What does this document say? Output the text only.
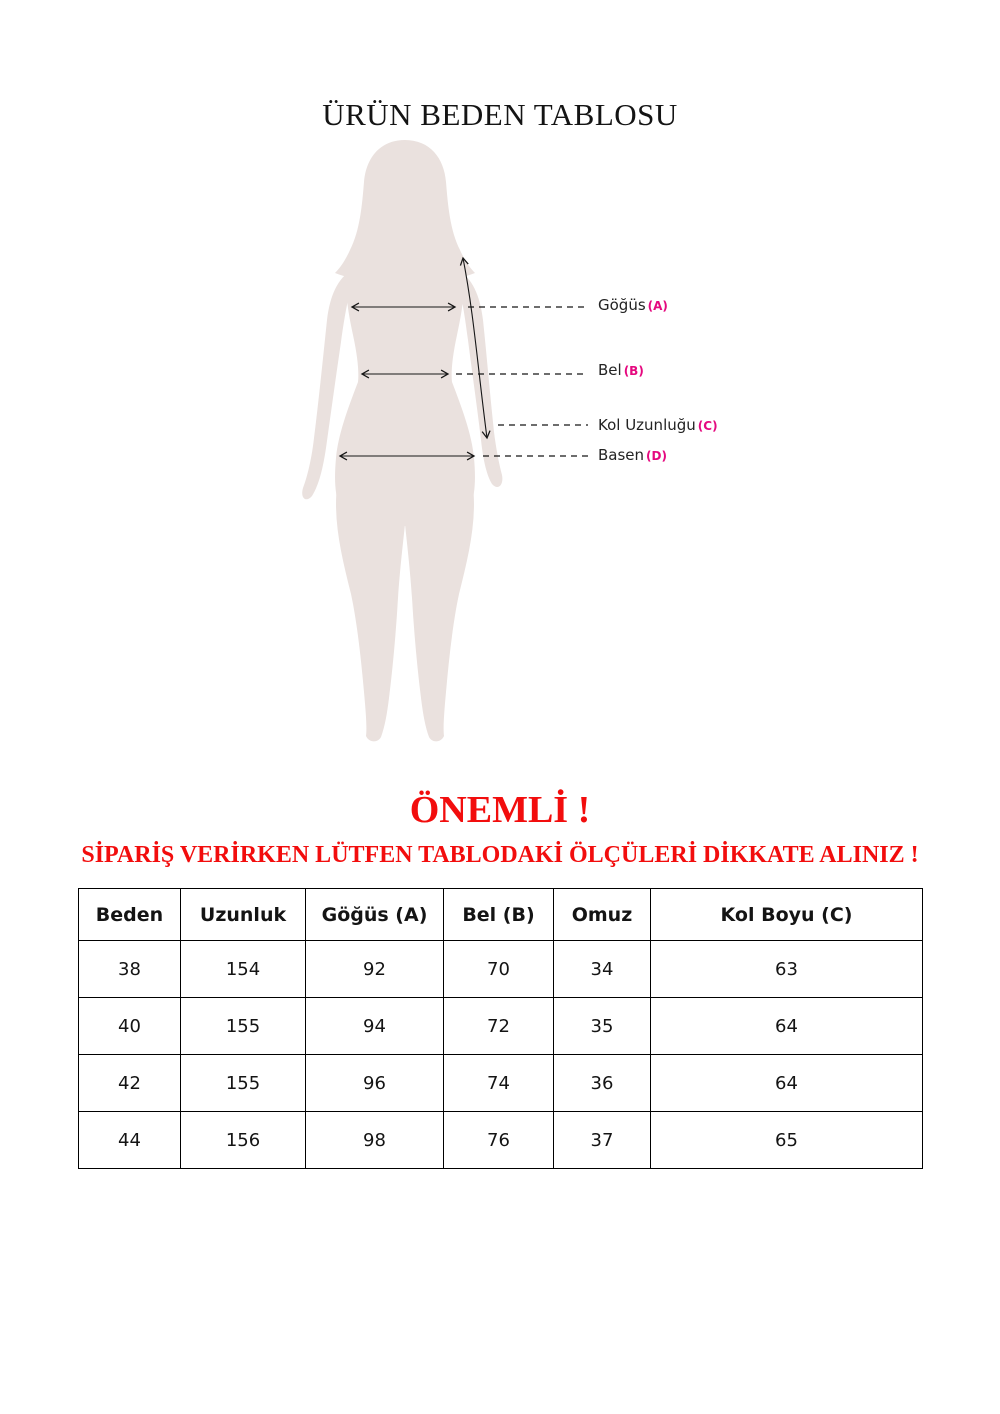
ÜRÜN BEDEN TABLOSU
Göğüs (A)
Bel (B)
Kol Uzunluğu (C)
Basen (D)
ÖNEMLİ !
SİPARİŞ VERİRKEN LÜTFEN TABLODAKİ ÖLÇÜLERİ DİKKATE ALINIZ !
Beden	Uzunluk	Göğüs (A)	Bel (B)	Omuz	Kol Boyu (C)
38	154	92	70	34	63
40	155	94	72	35	64
42	155	96	74	36	64
44	156	98	76	37	65
